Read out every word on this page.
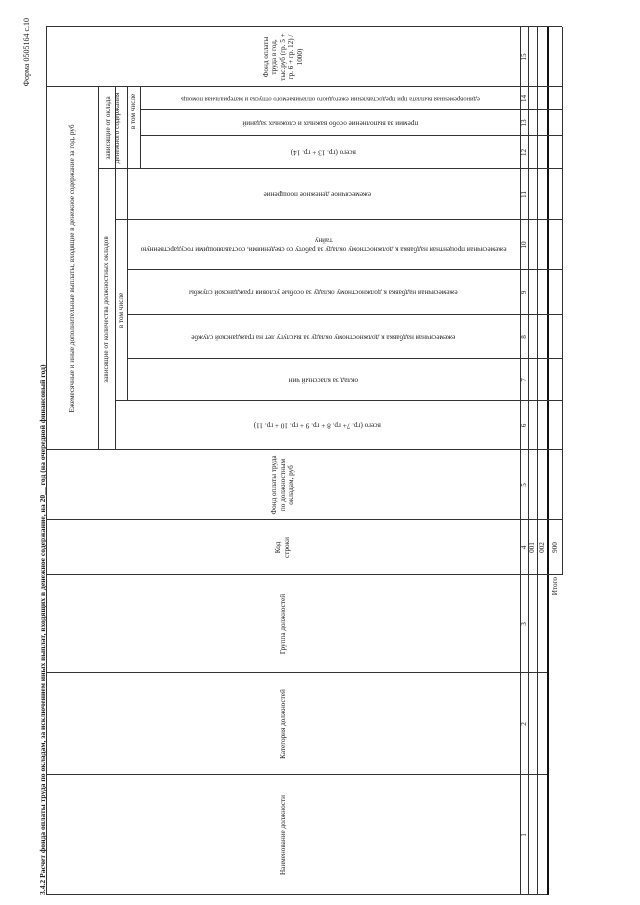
Форма 0505164 с.10
3.4.2 Расчет фонда оплаты труда по окладам, за исключением иных выплат, входящих в денежное содержание, на 20__ год (на очередной финансовый год)	Наименование должности
Категория должностей
Группа должностей
Код строки
Фонд оплаты труда по должностным окладам, руб
Ежемесячные и иные дополнительные выплаты, входящие в денежное содержание за год, руб	зависящие от количества должностных окладов
зависящие от оклада денежного содержания
в том числе
в том числе
всего (гр. 7+ гр. 8 + гр. 9 + гр. 10 + гр. 11)
оклад за классный чин
ежемесячная надбавка к должностному окладу за выслугу лет на гражданской службе
ежемесячная надбавка к должностному окладу за особые условия гражданской службы
ежемесячная процентная надбавка к должностному окладу за работу со сведениями, составляющими государственную тайну
ежемесячное денежное поощрение
всего (гр. 13 + гр. 14)
премии за выполнение особо важных и сложных заданий
единовременная выплата при предоставлении ежегодного оплачиваемого отпуска и материальная помощь
Фонд оплаты труда в год, тыс.руб (гр. 5 + гр. 6 + гр. 12) / 1000)
1
2
3
4
5
6
7
8
9
10
11
12
13
14
15
001 002
Итого
900
